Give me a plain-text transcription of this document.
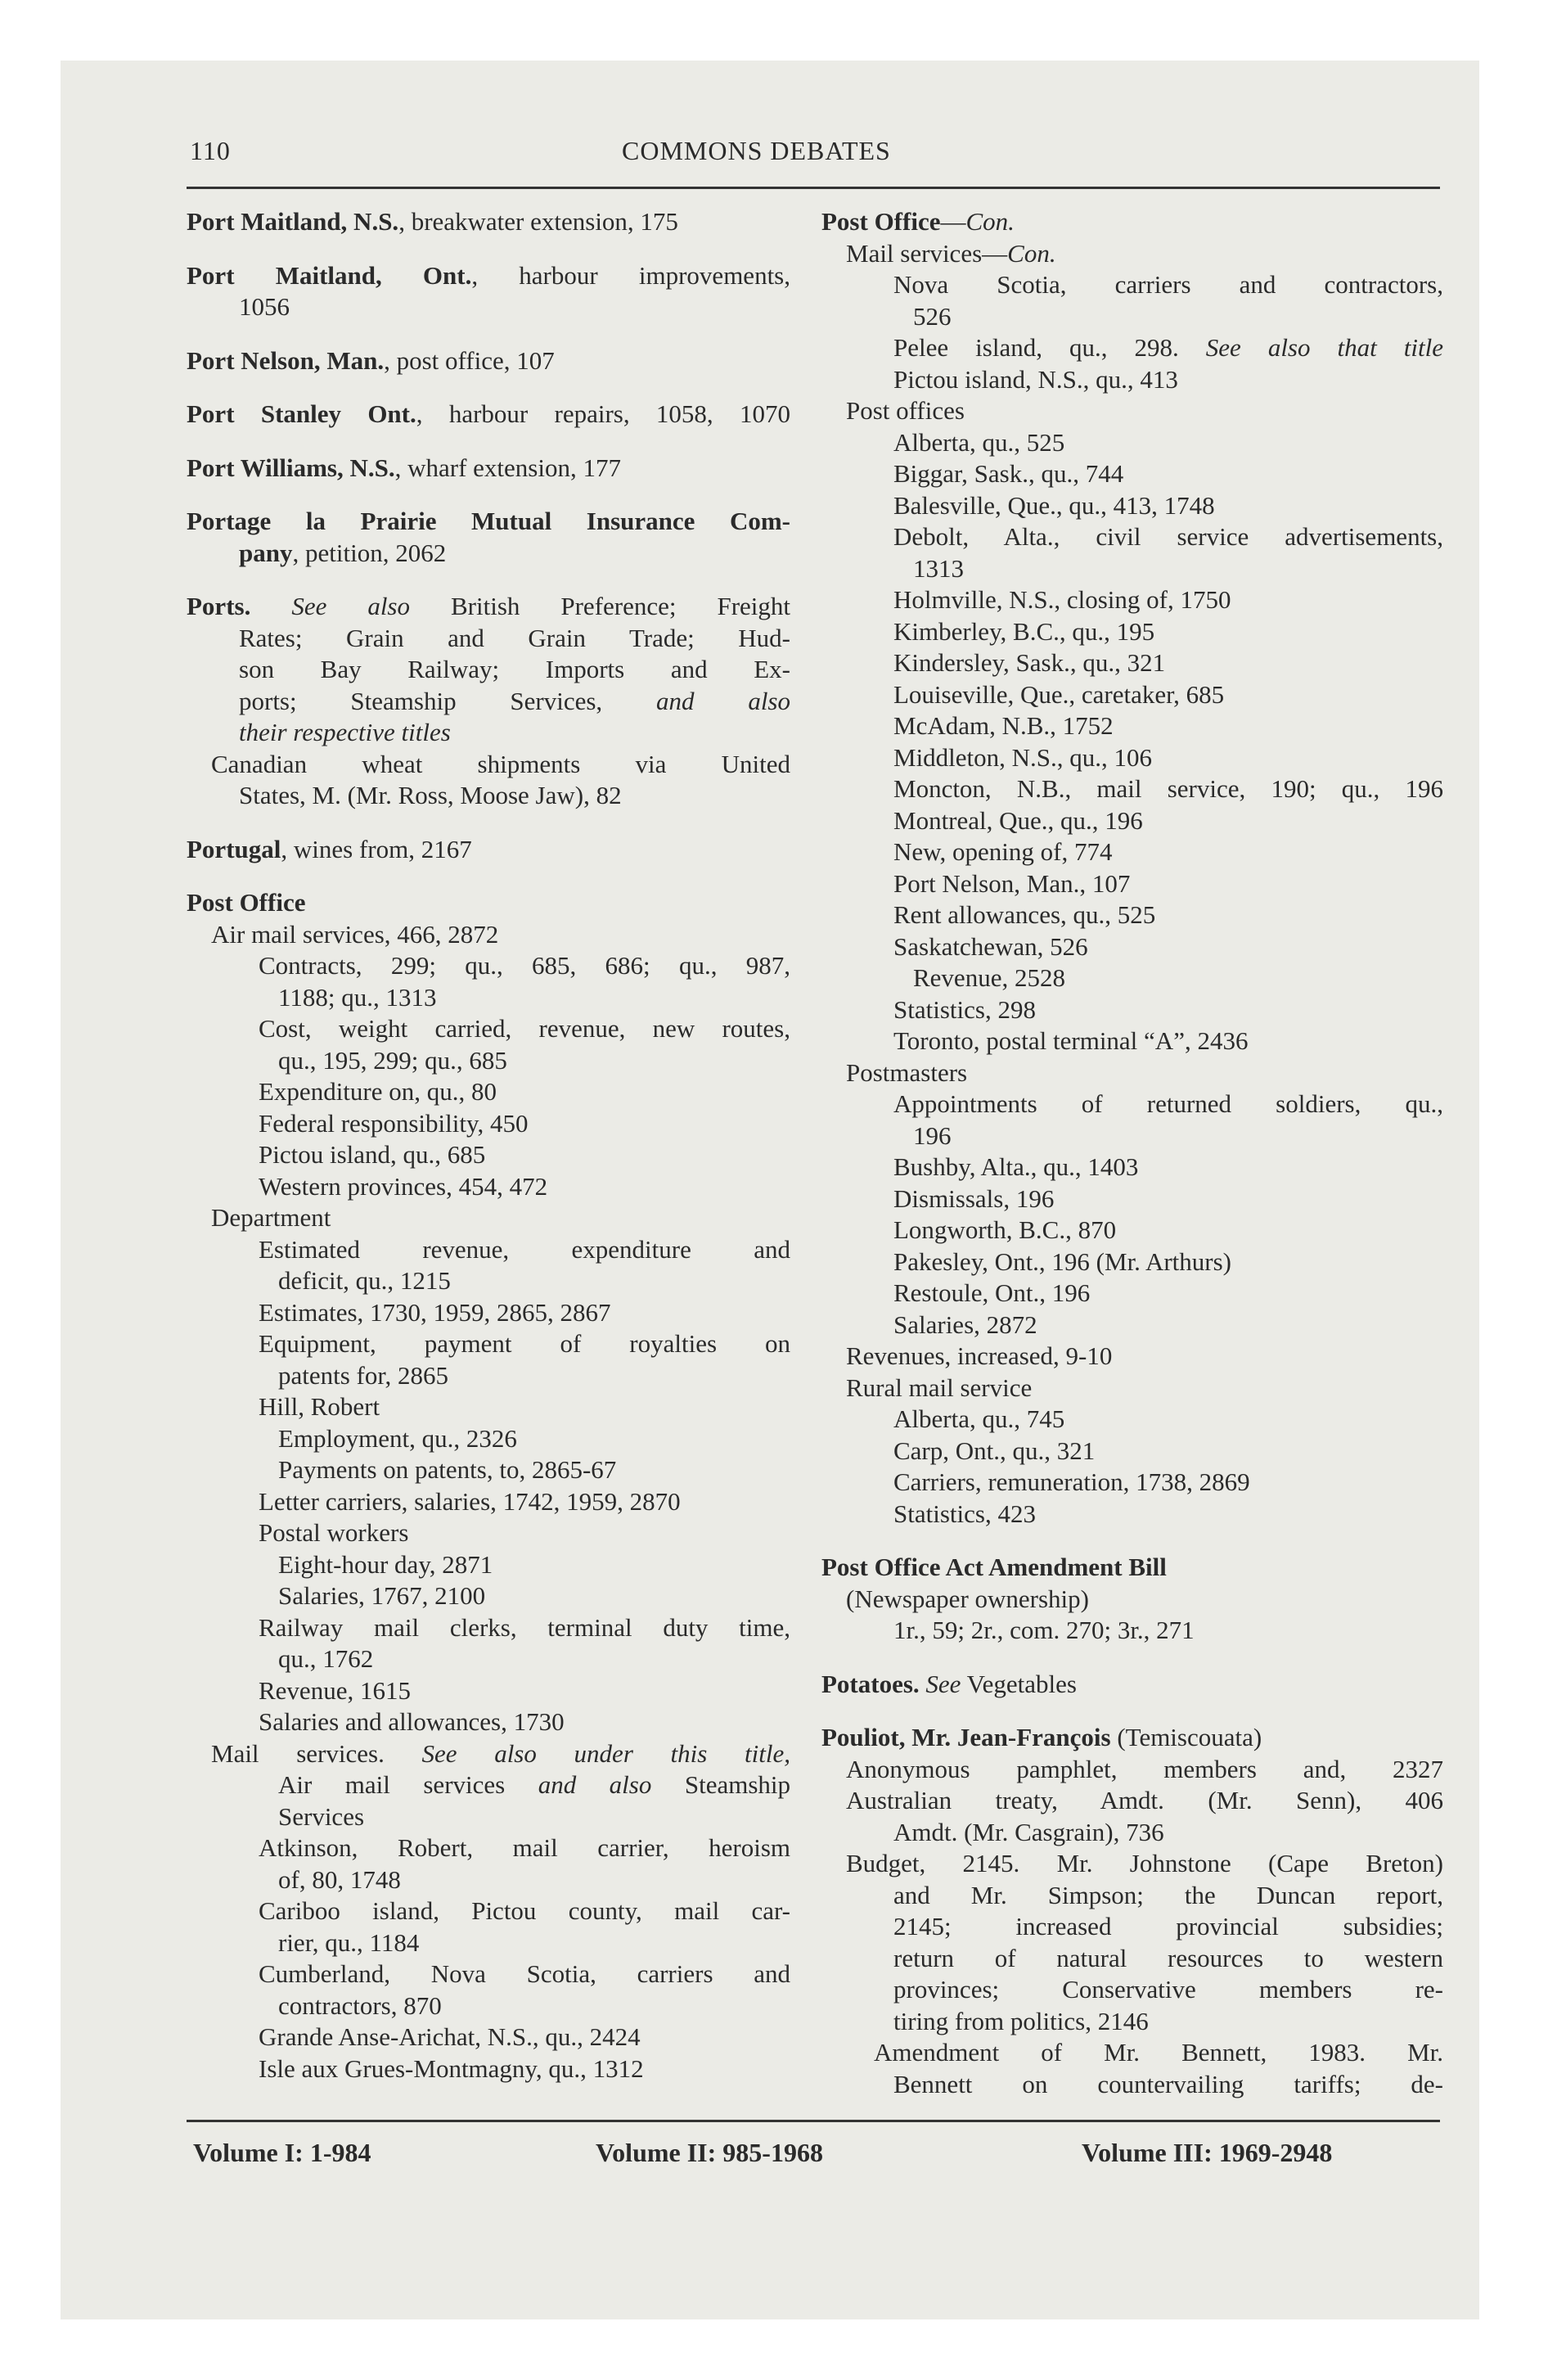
110	COMMONS DEBATES
Port Maitland, N.S., breakwater extension, 175
Port Maitland, Ont., harbour improvements,
1056
Port Nelson, Man., post office, 107
Port Stanley Ont., harbour repairs, 1058, 1070
Port Williams, N.S., wharf extension, 177
Portage la Prairie Mutual Insurance Com-
pany, petition, 2062
Ports. See also British Preference; Freight
Rates; Grain and Grain Trade; Hud-
son Bay Railway; Imports and Ex-
ports; Steamship Services, and also
their respective titles
Canadian wheat shipments via United
States, M. (Mr. Ross, Moose Jaw), 82
Portugal, wines from, 2167
Post Office
Air mail services, 466, 2872
Contracts, 299; qu., 685, 686; qu., 987,
1188; qu., 1313
Cost, weight carried, revenue, new routes,
qu., 195, 299; qu., 685
Expenditure on, qu., 80
Federal responsibility, 450
Pictou island, qu., 685
Western provinces, 454, 472
Department
Estimated revenue, expenditure and
deficit, qu., 1215
Estimates, 1730, 1959, 2865, 2867
Equipment, payment of royalties on
patents for, 2865
Hill, Robert
Employment, qu., 2326
Payments on patents, to, 2865-67
Letter carriers, salaries, 1742, 1959, 2870
Postal workers
Eight-hour day, 2871
Salaries, 1767, 2100
Railway mail clerks, terminal duty time,
qu., 1762
Revenue, 1615
Salaries and allowances, 1730
Mail services. See also under this title,
Air mail services and also Steamship
Services
Atkinson, Robert, mail carrier, heroism
of, 80, 1748
Cariboo island, Pictou county, mail car-
rier, qu., 1184
Cumberland, Nova Scotia, carriers and
contractors, 870
Grande Anse-Arichat, N.S., qu., 2424
Isle aux Grues-Montmagny, qu., 1312
Post Office—Con.
Mail services—Con.
Nova Scotia, carriers and contractors,
526
Pelee island, qu., 298. See also that title
Pictou island, N.S., qu., 413
Post offices
Alberta, qu., 525
Biggar, Sask., qu., 744
Balesville, Que., qu., 413, 1748
Debolt, Alta., civil service advertisements,
1313
Holmville, N.S., closing of, 1750
Kimberley, B.C., qu., 195
Kindersley, Sask., qu., 321
Louiseville, Que., caretaker, 685
McAdam, N.B., 1752
Middleton, N.S., qu., 106
Moncton, N.B., mail service, 190; qu., 196
Montreal, Que., qu., 196
New, opening of, 774
Port Nelson, Man., 107
Rent allowances, qu., 525
Saskatchewan, 526
Revenue, 2528
Statistics, 298
Toronto, postal terminal “A”, 2436
Postmasters
Appointments of returned soldiers, qu.,
196
Bushby, Alta., qu., 1403
Dismissals, 196
Longworth, B.C., 870
Pakesley, Ont., 196 (Mr. Arthurs)
Restoule, Ont., 196
Salaries, 2872
Revenues, increased, 9-10
Rural mail service
Alberta, qu., 745
Carp, Ont., qu., 321
Carriers, remuneration, 1738, 2869
Statistics, 423
Post Office Act Amendment Bill
(Newspaper ownership)
1r., 59; 2r., com. 270; 3r., 271
Potatoes. See Vegetables
Pouliot, Mr. Jean-François (Temiscouata)
Anonymous pamphlet, members and, 2327
Australian treaty, Amdt. (Mr. Senn), 406
Amdt. (Mr. Casgrain), 736
Budget, 2145. Mr. Johnstone (Cape Breton)
and Mr. Simpson; the Duncan report,
2145; increased provincial subsidies;
return of natural resources to western
provinces; Conservative members re-
tiring from politics, 2146
Amendment of Mr. Bennett, 1983. Mr.
Bennett on countervailing tariffs; de-
Volume I: 1-984	Volume II: 985-1968	Volume III: 1969-2948
